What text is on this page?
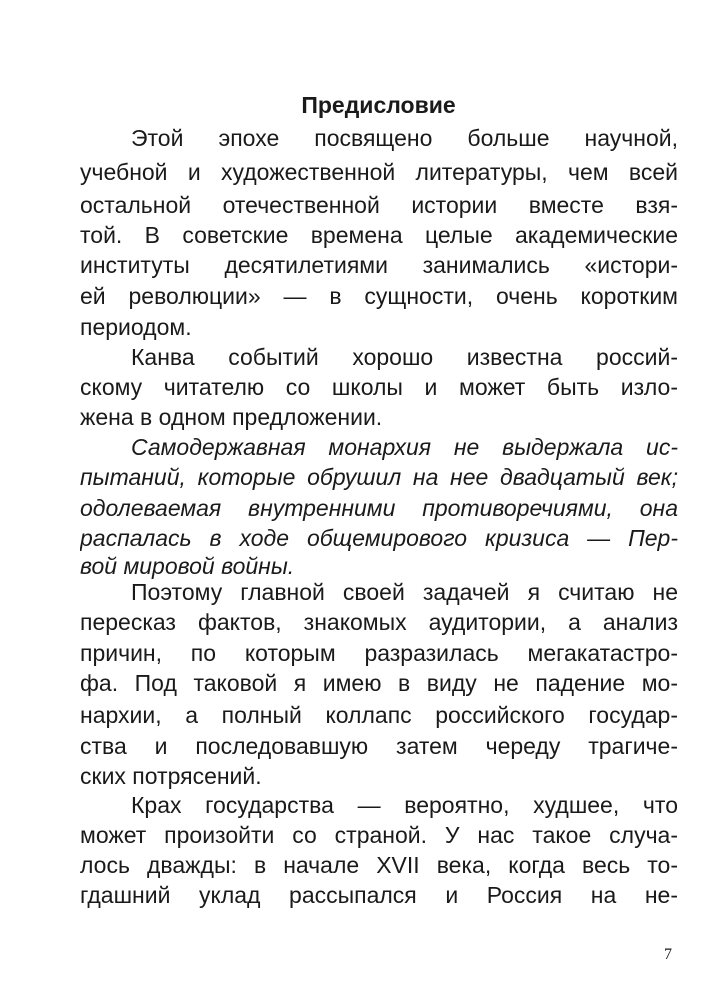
Предисловие
Этой эпохе посвящено больше научной,
учебной и художественной литературы, чем всей
остальной отечественной истории вместе взя-
той. В советские времена целые академические
институты десятилетиями занимались «истори-
ей революции» — в сущности, очень коротким
периодом.
Канва событий хорошо известна россий-
скому читателю со школы и может быть изло-
жена в одном предложении.
Самодержавная монархия не выдержала ис-
пытаний, которые обрушил на нее двадцатый век;
одолеваемая внутренними противоречиями, она
распалась в ходе общемирового кризиса — Пер-
вой мировой войны.
Поэтому главной своей задачей я считаю не
пересказ фактов, знакомых аудитории, а анализ
причин, по которым разразилась мегакатастро-
фа. Под таковой я имею в виду не падение мо-
нархии, а полный коллапс российского государ-
ства и последовавшую затем череду трагиче-
ских потрясений.
Крах государства — вероятно, худшее, что
может произойти со страной. У нас такое случа-
лось дважды: в начале XVII века, когда весь то-
гдашний уклад рассыпался и Россия на не-
7
